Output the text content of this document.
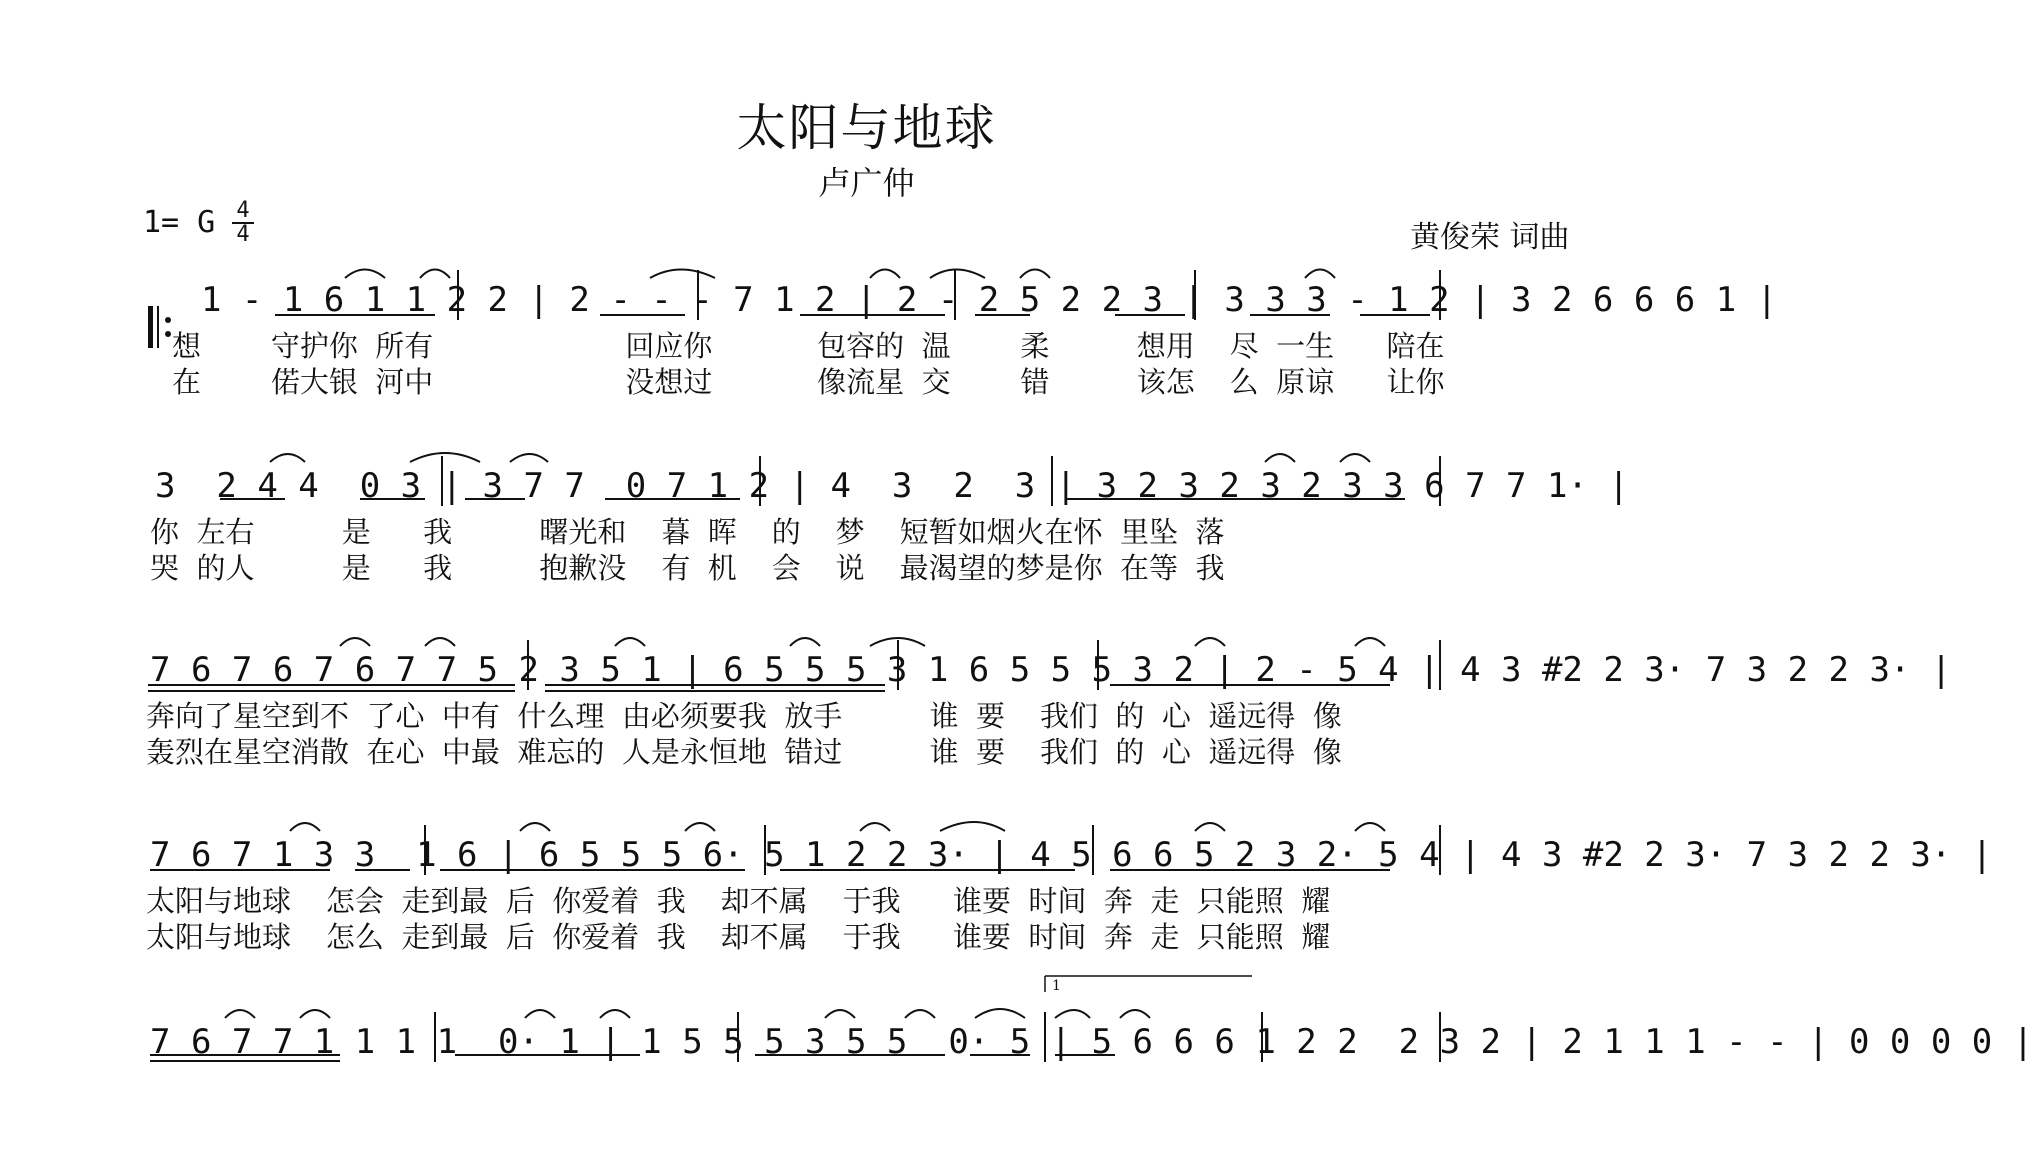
太阳与地球
卢广仲
1= G $\frac{4}{4}$	黄俊荣 词曲
1 - 1 6 1 1 2 2 | 2 - - - 7 1 2 | 2 - 2 5 2 2 3 | 3 3 3 - 1 2 | 3 2 6 6 6 1 |
想    守护你 所有           回应你      包容的 温    柔     想用  尽 一生   陪在
在    偌大银 河中           没想过      像流星 交    错     该怎  么 原谅   让你
3  2 4 4  0 3 | 3 7 7  0 7 1 2 | 4  3  2  3 | 3 2 3 2 3 2 3 3 6 7 7 1· |
你 左右     是   我     曙光和  暮 晖  的  梦  短暂如烟火在怀 里坠 落
哭 的人     是   我     抱歉没  有 机  会  说  最渴望的梦是你 在等 我
7 6 7 6 7 6 7 7 5 2 3 5 1 | 6 5 5 5 3 1 6 5 5 5 3 2 | 2 - 5 4 | 4 3 #2 2 3· 7 3 2 2 3· |
奔向了星空到不 了心 中有 什么理 由必须要我 放手     谁 要  我们 的 心 遥远得 像
轰烈在星空消散 在心 中最 难忘的 人是永恒地 错过     谁 要  我们 的 心 遥远得 像
7 6 7 1 3 3  1 6 | 6 5 5 5 6· 5 1 2 2 3· | 4 5 6 6 5 2 3 2· 5 4 | 4 3 #2 2 3· 7 3 2 2 3· |
太阳与地球  怎会 走到最 后 你爱着 我  却不属  于我   谁要 时间 奔 走 只能照 耀
太阳与地球  怎么 走到最 后 你爱着 我  却不属  于我   谁要 时间 奔 走 只能照 耀
1
7 6 7 7 1 1 1 1  0· 1 | 1 5 5 5 3 5 5  0· 5 | 5 6 6 6 1 2 2  2 3 2 | 2 1 1 1 - - | 0 0 0 0 |
